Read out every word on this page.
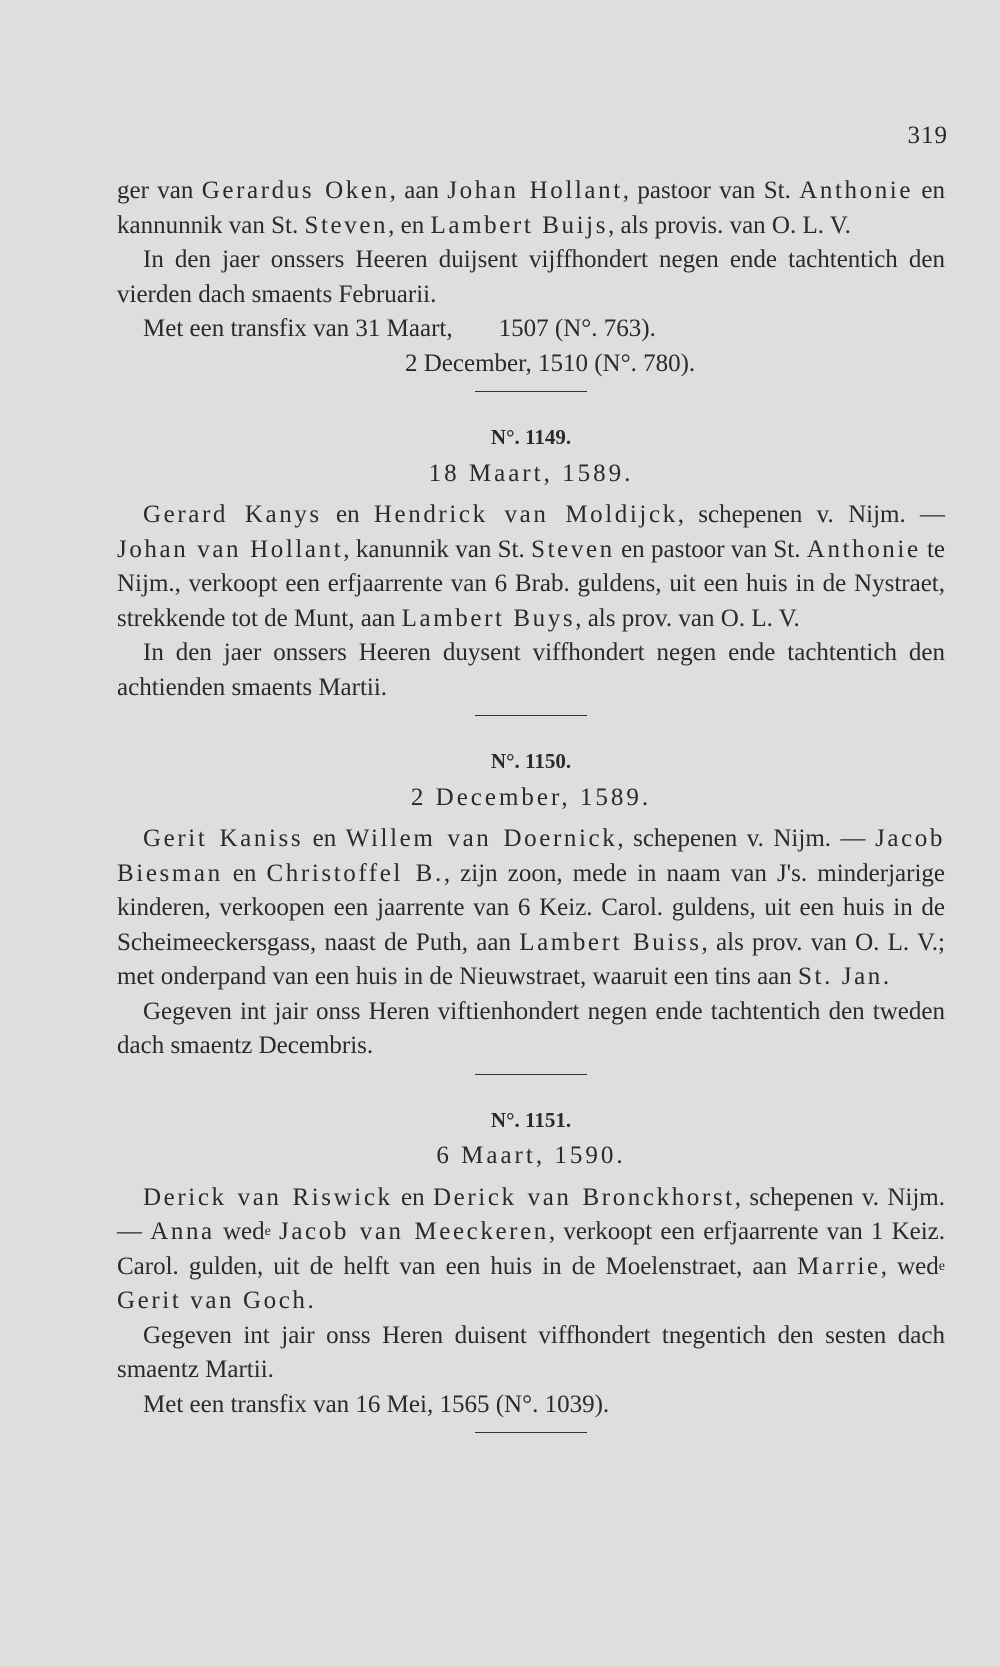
319

ger van Gerardus Oken, aan Johan Hollant, pastoor van St. Anthonie en kannunnik van St. Steven, en Lambert Buijs, als provis. van O. L. V.

In den jaer onssers Heeren duijsent vijffhondert negen ende tachtentich den vierden dach smaents Februarii.

Met een transfix van 31 Maart, 1507 (N°. 763).
2 December, 1510 (N°. 780).
N°. 1149.
18 Maart, 1589.

Gerard Kanys en Hendrick van Moldijck, schepenen v. Nijm. — Johan van Hollant, kanunnik van St. Steven en pastoor van St. Anthonie te Nijm., verkoopt een erfjaarrente van 6 Brab. guldens, uit een huis in de Nystraet, strekkende tot de Munt, aan Lambert Buys, als prov. van O. L. V.

In den jaer onssers Heeren duysent viffhondert negen ende tachtentich den achtienden smaents Martii.

N°. 1150.
2 December, 1589.

Gerit Kaniss en Willem van Doernick, schepenen v. Nijm. — Jacob Biesman en Christoffel B., zijn zoon, mede in naam van J's. minderjarige kinderen, verkoopen een jaarrente van 6 Keiz. Carol. guldens, uit een huis in de Scheimeeckersgass, naast de Puth, aan Lambert Buiss, als prov. van O. L. V.; met onderpand van een huis in de Nieuwstraet, waaruit een tins aan St. Jan.

Gegeven int jair onss Heren viftienhondert negen ende tachtentich den tweden dach smaentz Decembris.

N°. 1151.
6 Maart, 1590.

Derick van Riswick en Derick van Bronckhorst, schepenen v. Nijm. — Anna wed$^e$ Jacob van Meeckeren, verkoopt een erfjaarrente van 1 Keiz. Carol. gulden, uit de helft van een huis in de Moelenstraet, aan Marrie, wed$^e$ Gerit van Goch.

Gegeven int jair onss Heren duisent viffhondert tnegentich den sesten dach smaentz Martii.

Met een transfix van 16 Mei, 1565 (N°. 1039).
